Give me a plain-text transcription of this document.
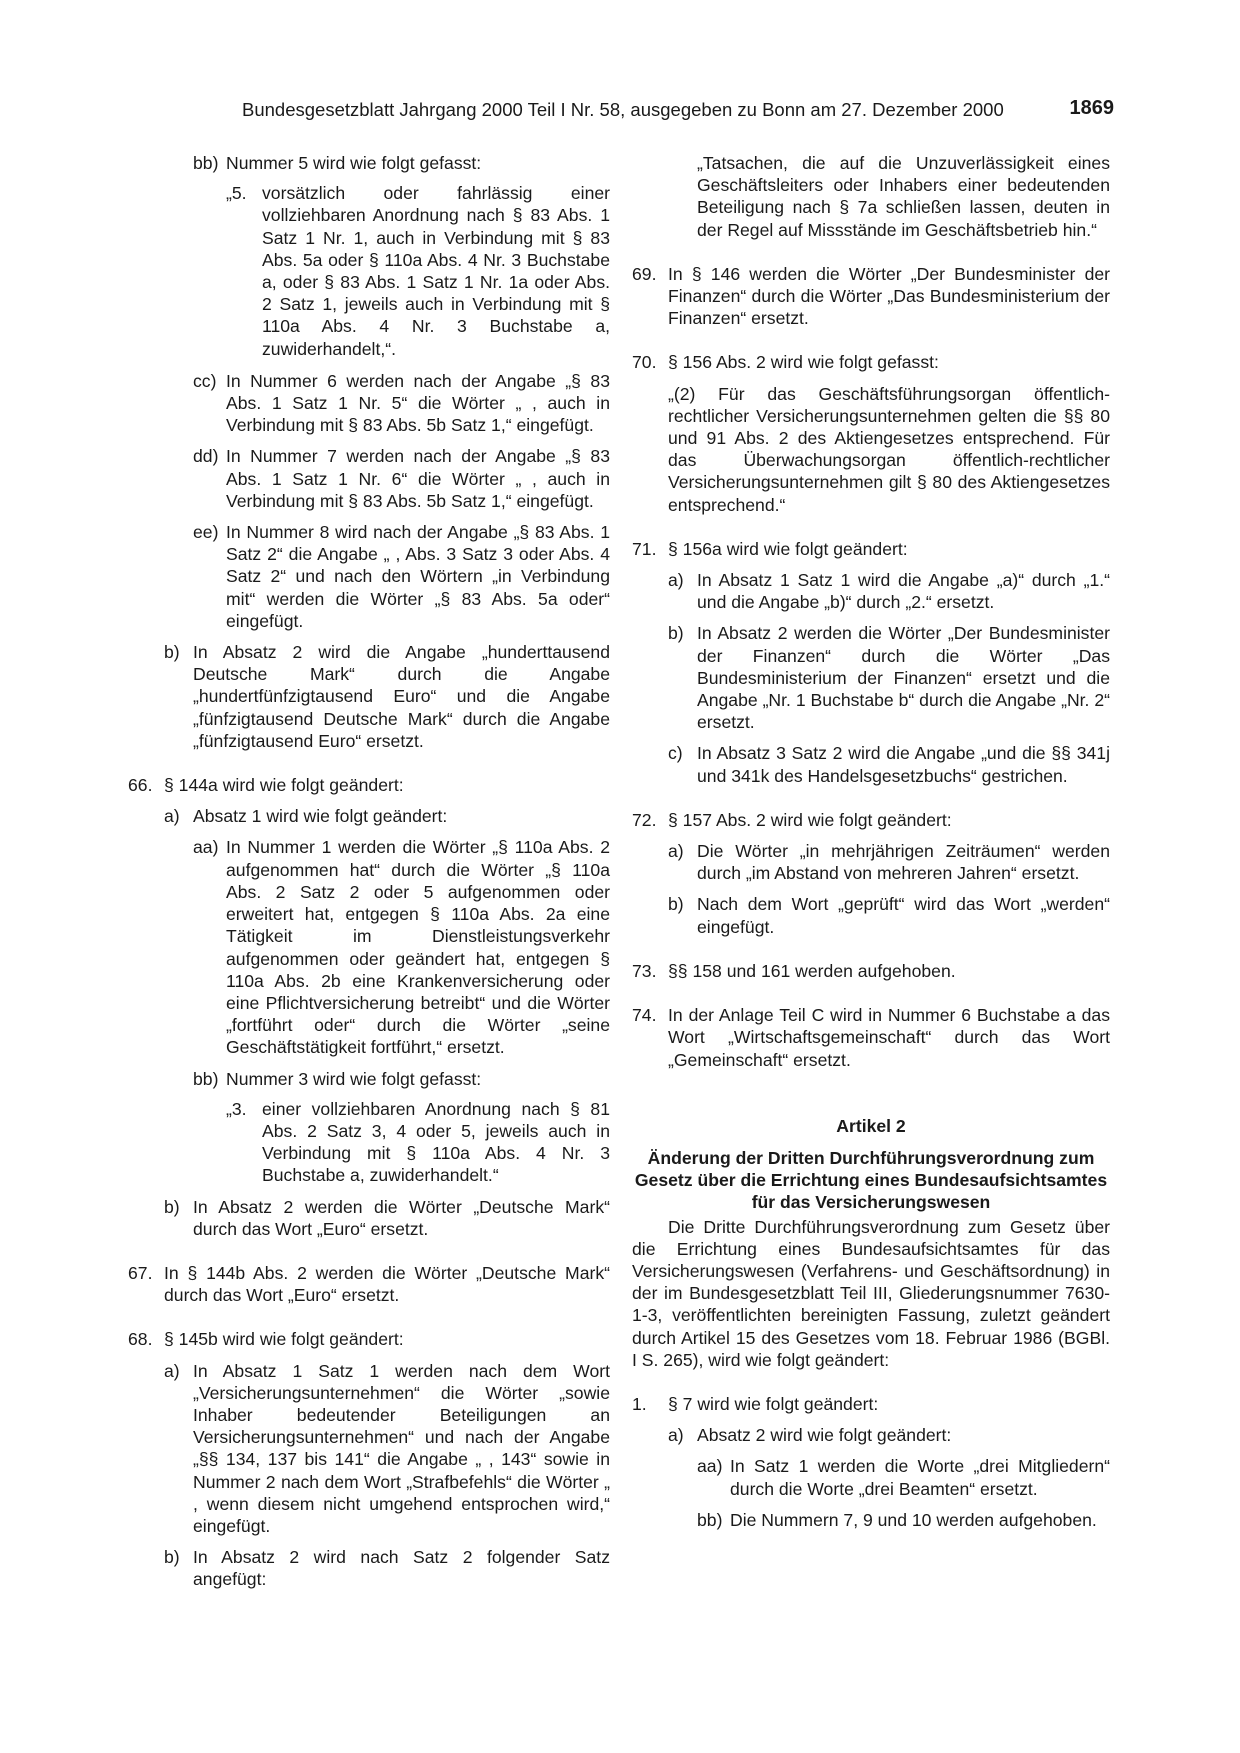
Bundesgesetzblatt Jahrgang 2000 Teil I Nr. 58, ausgegeben zu Bonn am 27. Dezember 2000	1869
bb) Nummer 5 wird wie folgt gefasst:
„5. vorsätzlich oder fahrlässig einer vollziehbaren Anordnung nach § 83 Abs. 1 Satz 1 Nr. 1, auch in Verbindung mit § 83 Abs. 5a oder § 110a Abs. 4 Nr. 3 Buchstabe a, oder § 83 Abs. 1 Satz 1 Nr. 1a oder Abs. 2 Satz 1, jeweils auch in Verbindung mit § 110a Abs. 4 Nr. 3 Buchstabe a, zuwiderhandelt,“.
cc) In Nummer 6 werden nach der Angabe „§ 83 Abs. 1 Satz 1 Nr. 5“ die Wörter „ , auch in Verbindung mit § 83 Abs. 5b Satz 1,“ eingefügt.
dd) In Nummer 7 werden nach der Angabe „§ 83 Abs. 1 Satz 1 Nr. 6“ die Wörter „ , auch in Verbindung mit § 83 Abs. 5b Satz 1,“ eingefügt.
ee) In Nummer 8 wird nach der Angabe „§ 83 Abs. 1 Satz 2“ die Angabe „ , Abs. 3 Satz 3 oder Abs. 4 Satz 2“ und nach den Wörtern „in Verbindung mit“ werden die Wörter „§ 83 Abs. 5a oder“ eingefügt.
b) In Absatz 2 wird die Angabe „hunderttausend Deutsche Mark“ durch die Angabe „hundertfünfzigtausend Euro“ und die Angabe „fünfzigtausend Deutsche Mark“ durch die Angabe „fünfzigtausend Euro“ ersetzt.
66. § 144a wird wie folgt geändert:
a) Absatz 1 wird wie folgt geändert:
aa) In Nummer 1 werden die Wörter „§ 110a Abs. 2 aufgenommen hat“ durch die Wörter „§ 110a Abs. 2 Satz 2 oder 5 aufgenommen oder erweitert hat, entgegen § 110a Abs. 2a eine Tätigkeit im Dienstleistungsverkehr aufgenommen oder geändert hat, entgegen § 110a Abs. 2b eine Krankenversicherung oder eine Pflichtversicherung betreibt“ und die Wörter „fortführt oder“ durch die Wörter „seine Geschäftstätigkeit fortführt,“ ersetzt.
bb) Nummer 3 wird wie folgt gefasst:
„3. einer vollziehbaren Anordnung nach § 81 Abs. 2 Satz 3, 4 oder 5, jeweils auch in Verbindung mit § 110a Abs. 4 Nr. 3 Buchstabe a, zuwiderhandelt.“
b) In Absatz 2 werden die Wörter „Deutsche Mark“ durch das Wort „Euro“ ersetzt.
67. In § 144b Abs. 2 werden die Wörter „Deutsche Mark“ durch das Wort „Euro“ ersetzt.
68. § 145b wird wie folgt geändert:
a) In Absatz 1 Satz 1 werden nach dem Wort „Versicherungsunternehmen“ die Wörter „sowie Inhaber bedeutender Beteiligungen an Versicherungsunternehmen“ und nach der Angabe „§§ 134, 137 bis 141“ die Angabe „ , 143“ sowie in Nummer 2 nach dem Wort „Strafbefehls“ die Wörter „ , wenn diesem nicht umgehend entsprochen wird,“ eingefügt.
b) In Absatz 2 wird nach Satz 2 folgender Satz angefügt:
„Tatsachen, die auf die Unzuverlässigkeit eines Geschäftsleiters oder Inhabers einer bedeutenden Beteiligung nach § 7a schließen lassen, deuten in der Regel auf Missstände im Geschäftsbetrieb hin.“
69. In § 146 werden die Wörter „Der Bundesminister der Finanzen“ durch die Wörter „Das Bundesministerium der Finanzen“ ersetzt.
70. § 156 Abs. 2 wird wie folgt gefasst:
„(2) Für das Geschäftsführungsorgan öffentlich-rechtlicher Versicherungsunternehmen gelten die §§ 80 und 91 Abs. 2 des Aktiengesetzes entsprechend. Für das Überwachungsorgan öffentlich-rechtlicher Versicherungsunternehmen gilt § 80 des Aktiengesetzes entsprechend.“
71. § 156a wird wie folgt geändert:
a) In Absatz 1 Satz 1 wird die Angabe „a)“ durch „1.“ und die Angabe „b)“ durch „2.“ ersetzt.
b) In Absatz 2 werden die Wörter „Der Bundesminister der Finanzen“ durch die Wörter „Das Bundesministerium der Finanzen“ ersetzt und die Angabe „Nr. 1 Buchstabe b“ durch die Angabe „Nr. 2“ ersetzt.
c) In Absatz 3 Satz 2 wird die Angabe „und die §§ 341j und 341k des Handelsgesetzbuchs“ gestrichen.
72. § 157 Abs. 2 wird wie folgt geändert:
a) Die Wörter „in mehrjährigen Zeiträumen“ werden durch „im Abstand von mehreren Jahren“ ersetzt.
b) Nach dem Wort „geprüft“ wird das Wort „werden“ eingefügt.
73. §§ 158 und 161 werden aufgehoben.
74. In der Anlage Teil C wird in Nummer 6 Buchstabe a das Wort „Wirtschaftsgemeinschaft“ durch das Wort „Gemeinschaft“ ersetzt.
Artikel 2
Änderung der Dritten Durchführungsverordnung zum Gesetz über die Errichtung eines Bundesaufsichtsamtes für das Versicherungswesen
Die Dritte Durchführungsverordnung zum Gesetz über die Errichtung eines Bundesaufsichtsamtes für das Versicherungswesen (Verfahrens- und Geschäftsordnung) in der im Bundesgesetzblatt Teil III, Gliederungsnummer 7630-1-3, veröffentlichten bereinigten Fassung, zuletzt geändert durch Artikel 15 des Gesetzes vom 18. Februar 1986 (BGBl. I S. 265), wird wie folgt geändert:
1. § 7 wird wie folgt geändert:
a) Absatz 2 wird wie folgt geändert:
aa) In Satz 1 werden die Worte „drei Mitgliedern“ durch die Worte „drei Beamten“ ersetzt.
bb) Die Nummern 7, 9 und 10 werden aufgehoben.
